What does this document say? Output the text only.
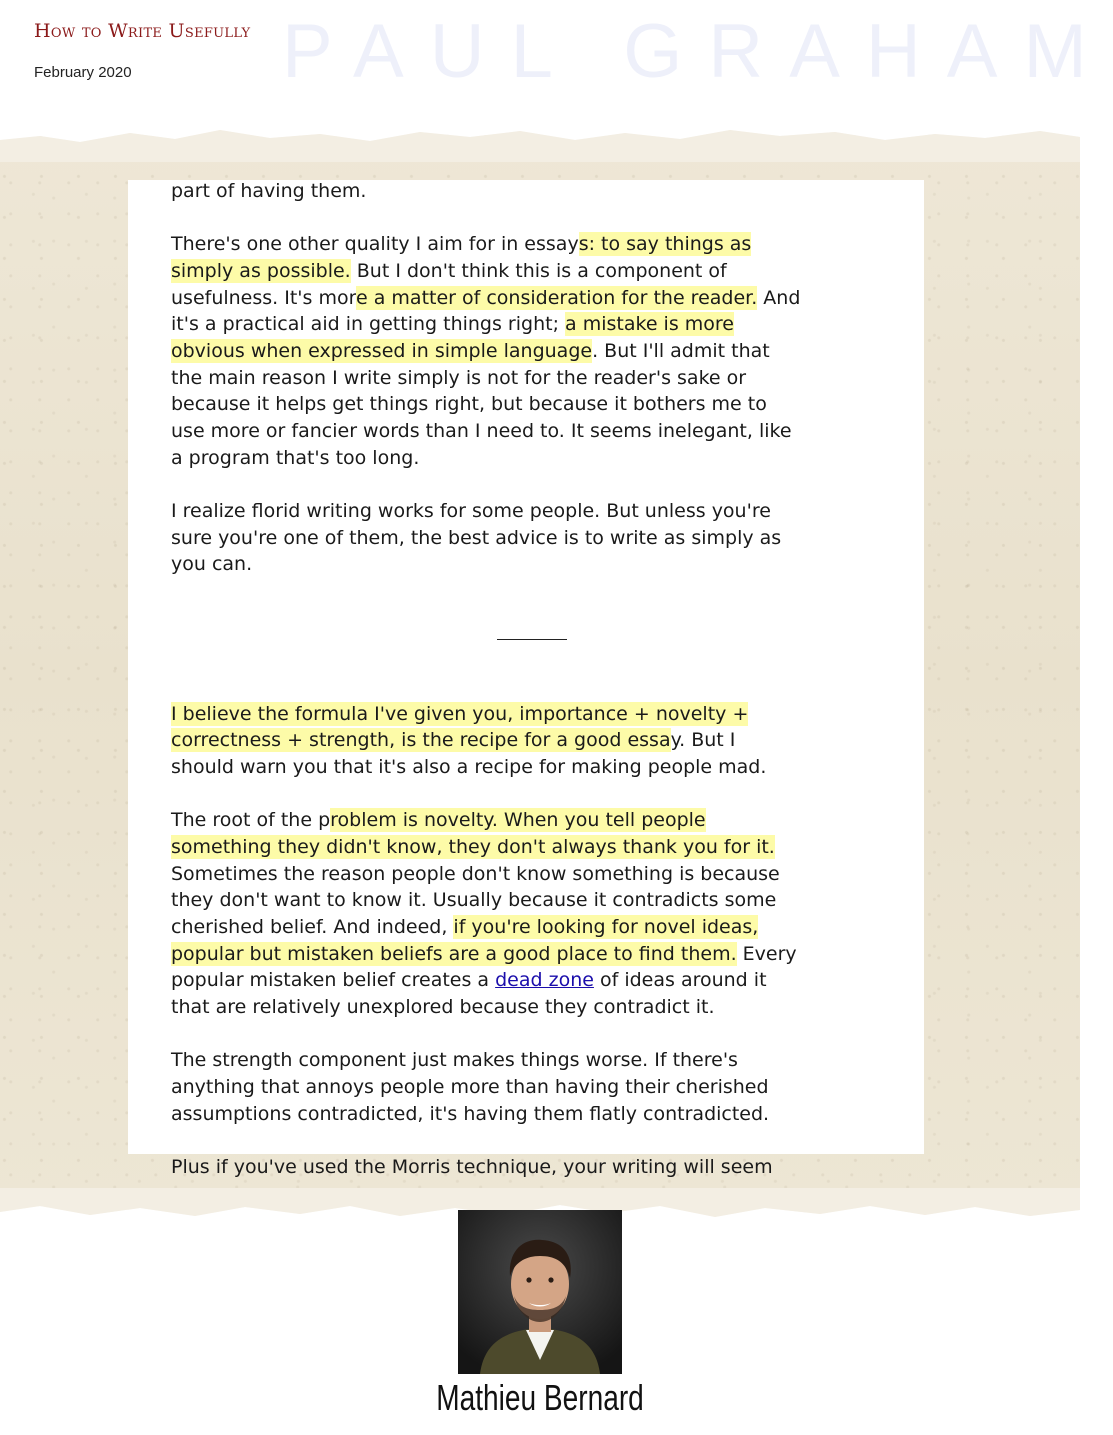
PAUL GRAHAM
How to Write Usefully
February 2020

part of having them.

There's one other quality I aim for in essays: to say things as
simply as possible. But I don't think this is a component of
usefulness. It's more a matter of consideration for the reader. And
it's a practical aid in getting things right; a mistake is more
obvious when expressed in simple language. But I'll admit that
the main reason I write simply is not for the reader's sake or
because it helps get things right, but because it bothers me to
use more or fancier words than I need to. It seems inelegant, like
a program that's too long.

I realize florid writing works for some people. But unless you're
sure you're one of them, the best advice is to write as simply as
you can.

I believe the formula I've given you, importance + novelty +
correctness + strength, is the recipe for a good essay. But I
should warn you that it's also a recipe for making people mad.

The root of the problem is novelty. When you tell people
something they didn't know, they don't always thank you for it.
Sometimes the reason people don't know something is because
they don't want to know it. Usually because it contradicts some
cherished belief. And indeed, if you're looking for novel ideas,
popular but mistaken beliefs are a good place to find them. Every
popular mistaken belief creates a dead zone of ideas around it
that are relatively unexplored because they contradict it.

The strength component just makes things worse. If there's
anything that annoys people more than having their cherished
assumptions contradicted, it's having them flatly contradicted.

Plus if you've used the Morris technique, your writing will seem

Mathieu Bernard
